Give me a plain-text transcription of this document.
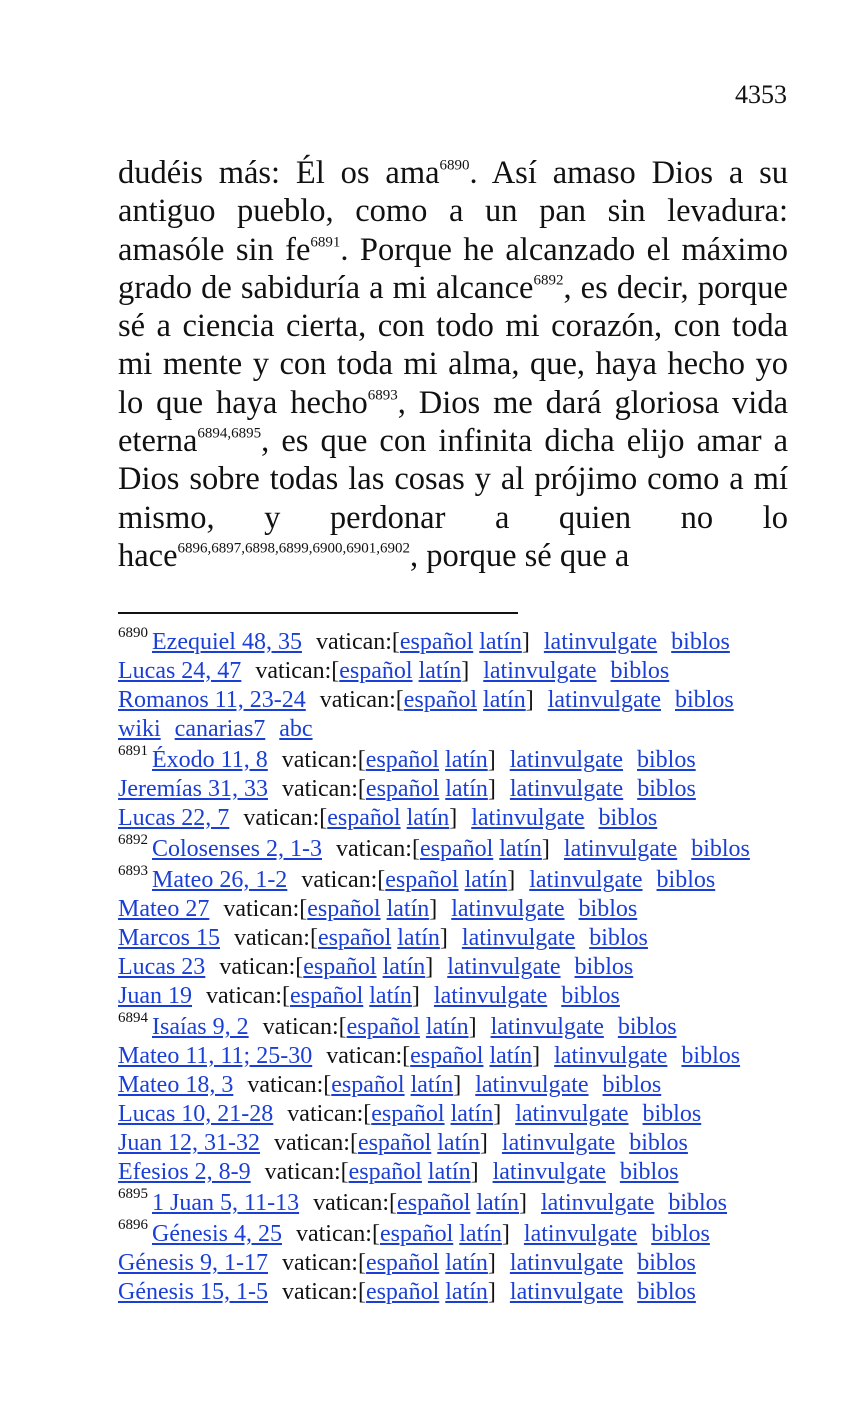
4353
dudéis más: Él os ama$^{6890}$. Así amaso Dios a su antiguo pueblo, como a un pan sin levadura: amasóle $\sin fe^{6891}$. Porque he alcanzado el máximo grado de sabiduría a mi alcance$^{6892}$, es decir, porque sé a ciencia cierta, con todo mi corazón, con toda mi mente y con toda mi alma, que, haya hecho yo lo que haya hecho$^{6893}$, Dios me dará gloriosa vida eterna$^{6894,6895}$, es que con infinita dicha elijo amar a Dios sobre todas las cosas y al prójimo como a mí mismo, y perdonar a quien no lo hace$^{6896,6897,6898,6899,6900,6901,6902}$, porque sé que a
6890 Ezequiel 48, 35 vatican:[español latín] latinvulgate biblos
Lucas 24, 47 vatican:[español latín] latinvulgate biblos
Romanos 11, 23-24 vatican:[español latín] latinvulgate biblos
wiki canarias7 abc
6891 Éxodo 11, 8 vatican:[español latín] latinvulgate biblos
Jeremías 31, 33 vatican:[español latín] latinvulgate biblos
Lucas 22, 7 vatican:[español latín] latinvulgate biblos
6892 Colosenses 2, 1-3 vatican:[español latín] latinvulgate biblos
6893 Mateo 26, 1-2 vatican:[español latín] latinvulgate biblos
Mateo 27 vatican:[español latín] latinvulgate biblos
Marcos 15 vatican:[español latín] latinvulgate biblos
Lucas 23 vatican:[español latín] latinvulgate biblos
Juan 19 vatican:[español latín] latinvulgate biblos
6894 Isaías 9, 2 vatican:[español latín] latinvulgate biblos
Mateo 11, 11; 25-30 vatican:[español latín] latinvulgate biblos
Mateo 18, 3 vatican:[español latín] latinvulgate biblos
Lucas 10, 21-28 vatican:[español latín] latinvulgate biblos
Juan 12, 31-32 vatican:[español latín] latinvulgate biblos
Efesios 2, 8-9 vatican:[español latín] latinvulgate biblos
6895 1 Juan 5, 11-13 vatican:[español latín] latinvulgate biblos
6896 Génesis 4, 25 vatican:[español latín] latinvulgate biblos
Génesis 9, 1-17 vatican:[español latín] latinvulgate biblos
Génesis 15, 1-5 vatican:[español latín] latinvulgate biblos
